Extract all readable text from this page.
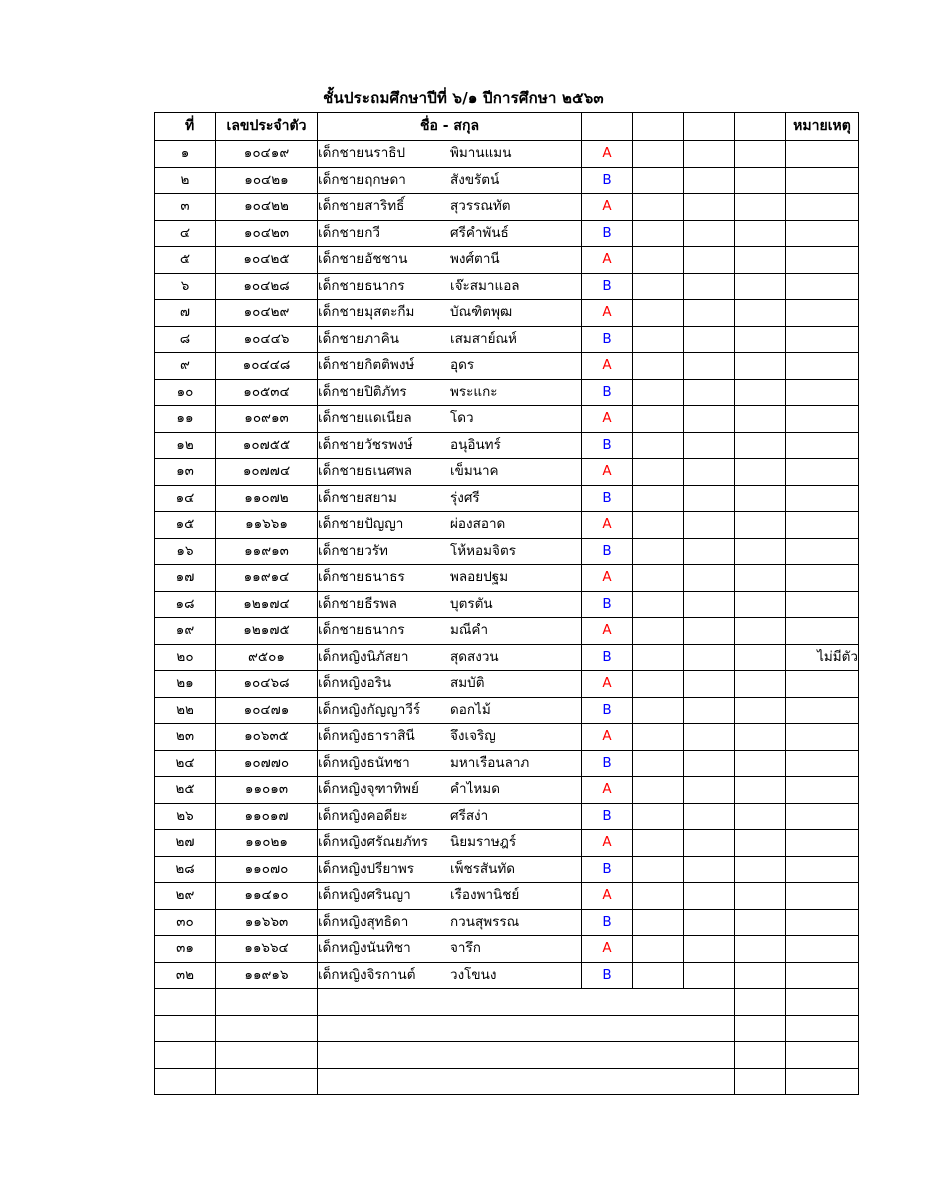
ชั้นประถมศึกษาปีที่ ๖/๑ ปีการศึกษา ๒๕๖๓
ที่	เลขประจำตัว	ชื่อ - สกุล					หมายเหตุ
๑	๑๐๔๑๙	เด็กชายนราธิป พิมานแมน	A				
๒	๑๐๔๒๑	เด็กชายฤกษดา สังขรัตน์	B				
๓	๑๐๔๒๒	เด็กชายสาริทธิ์ สุวรรณทัต	A				
๔	๑๐๔๒๓	เด็กชายกวี ศรีคำพันธ์	B				
๕	๑๐๔๒๕	เด็กชายอัชชาน พงศ์ตานี	A				
๖	๑๐๔๒๘	เด็กชายธนากร เจ๊ะสมาแอล	B				
๗	๑๐๔๒๙	เด็กชายมุสตะกีม บัณฑิตพุฒ	A				
๘	๑๐๔๔๖	เด็กชายภาคิน เสมสาย์ณห์	B				
๙	๑๐๔๔๘	เด็กชายกิตติพงษ์ อุดร	A				
๑๐	๑๐๕๓๔	เด็กชายปิติภัทร พระแกะ	B				
๑๑	๑๐๙๑๓	เด็กชายแดเนียล โดว	A				
๑๒	๑๐๗๕๕	เด็กชายวัชรพงษ์ อนุอินทร์	B				
๑๓	๑๐๗๗๔	เด็กชายธเนศพล เข็มนาค	A				
๑๔	๑๑๐๗๒	เด็กชายสยาม รุ่งศรี	B				
๑๕	๑๑๖๖๑	เด็กชายปัญญา ผ่องสอาด	A				
๑๖	๑๑๙๑๓	เด็กชายวรัท โห้หอมจิตร	B				
๑๗	๑๑๙๑๔	เด็กชายธนาธร พลอยปฐม	A				
๑๘	๑๒๑๗๔	เด็กชายธีรพล บุตรตัน	B				
๑๙	๑๒๑๗๕	เด็กชายธนากร มณีคำ	A				
๒๐	๙๕๐๑	เด็กหญิงนิภัสยา สุดสงวน	B				ไม่มีตัว
๒๑	๑๐๔๖๘	เด็กหญิงอริน สมบัติ	A				
๒๒	๑๐๔๗๑	เด็กหญิงกัญญาวีร์ ดอกไม้	B				
๒๓	๑๐๖๓๕	เด็กหญิงธาราสินี จึงเจริญ	A				
๒๔	๑๐๗๗๐	เด็กหญิงธนัทชา มหาเรือนลาภ	B				
๒๕	๑๑๐๑๓	เด็กหญิงจุฑาทิพย์ คำไหมด	A				
๒๖	๑๑๐๑๗	เด็กหญิงคอดียะ ศรีสง่า	B				
๒๗	๑๑๐๒๑	เด็กหญิงศรัณยภัทร นิยมราษฎร์	A				
๒๘	๑๑๐๗๐	เด็กหญิงปรียาพร เพ็ชรสันทัด	B				
๒๙	๑๑๔๑๐	เด็กหญิงศรินญา เรืองพานิชย์	A				
๓๐	๑๑๖๖๓	เด็กหญิงสุทธิดา กวนสุพรรณ	B				
๓๑	๑๑๖๖๔	เด็กหญิงนันทิชา จารึก	A				
๓๒	๑๑๙๑๖	เด็กหญิงจิรกานต์ วงโขนง	B				
